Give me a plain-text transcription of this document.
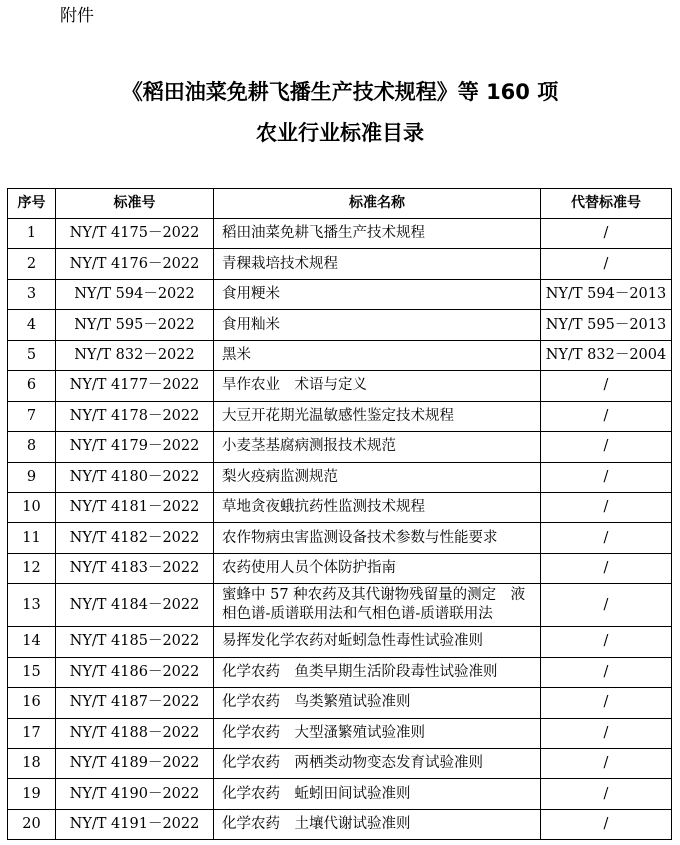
附件
《稻田油菜免耕飞播生产技术规程》等 160 项
农业行业标准目录
序号	标准号	标准名称	代替标准号
1	NY/T 4175－2022	稻田油菜免耕飞播生产技术规程	/
2	NY/T 4176－2022	青稞栽培技术规程	/
3	NY/T 594－2022	食用粳米	NY/T 594－2013
4	NY/T 595－2022	食用籼米	NY/T 595－2013
5	NY/T 832－2022	黑米	NY/T 832－2004
6	NY/T 4177－2022	旱作农业　术语与定义	/
7	NY/T 4178－2022	大豆开花期光温敏感性鉴定技术规程	/
8	NY/T 4179－2022	小麦茎基腐病测报技术规范	/
9	NY/T 4180－2022	梨火疫病监测规范	/
10	NY/T 4181－2022	草地贪夜蛾抗药性监测技术规程	/
11	NY/T 4182－2022	农作物病虫害监测设备技术参数与性能要求	/
12	NY/T 4183－2022	农药使用人员个体防护指南	/
13	NY/T 4184－2022	蜜蜂中 57 种农药及其代谢物残留量的测定　液相色谱-质谱联用法和气相色谱-质谱联用法	/
14	NY/T 4185－2022	易挥发化学农药对蚯蚓急性毒性试验准则	/
15	NY/T 4186－2022	化学农药　鱼类早期生活阶段毒性试验准则	/
16	NY/T 4187－2022	化学农药　鸟类繁殖试验准则	/
17	NY/T 4188－2022	化学农药　大型溞繁殖试验准则	/
18	NY/T 4189－2022	化学农药　两栖类动物变态发育试验准则	/
19	NY/T 4190－2022	化学农药　蚯蚓田间试验准则	/
20	NY/T 4191－2022	化学农药　土壤代谢试验准则	/
